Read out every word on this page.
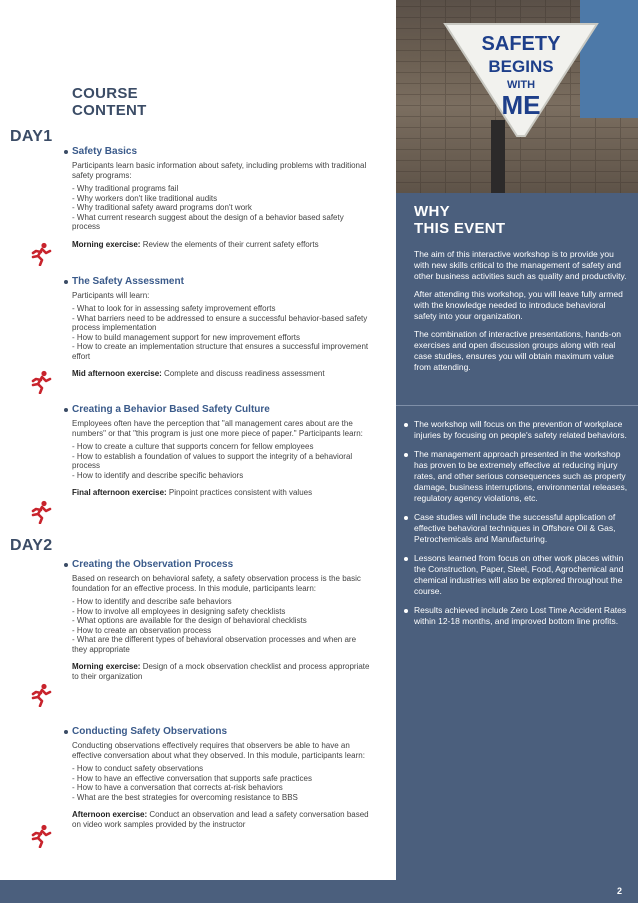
COURSE
CONTENT
DAY1
Safety Basics
Participants learn basic information about safety, including problems with traditional safety programs:
- Why traditional programs fail
- Why workers don't like traditional audits
- Why traditional safety award programs don't work
- What current research suggest about the design of a behavior based safety process
Morning exercise: Review the elements of their current safety efforts
The Safety Assessment
Participants will learn:
- What to look for in assessing safety improvement efforts
- What barriers need to be addressed to ensure a successful behavior-based safety process implementation
- How to build management support for new improvement efforts
- How to create an implementation structure that ensures a successful improvement effort
Mid afternoon exercise: Complete and discuss readiness assessment
Creating a Behavior Based Safety Culture
Employees often have the perception that "all management cares about are the numbers" or that "this program is just one more piece of paper." Participants learn:
- How to create a culture that supports concern for fellow employees
- How to establish a foundation of values to support the integrity of a behavioral process
- How to identify and describe specific behaviors
Final afternoon exercise: Pinpoint practices consistent with values
DAY2
Creating the Observation Process
Based on research on behavioral safety, a safety observation process is the basic foundation for an effective process. In this module, participants learn:
- How to identify and describe safe behaviors
- How to involve all employees in designing safety checklists
- What options are available for the design of behavioral checklists
- How to create an observation process
- What are the different types of behavioral observation processes and when are they appropriate
Morning exercise: Design of a mock observation checklist and process appropriate to their organization
Conducting Safety Observations
Conducting observations effectively requires that observers be able to have an effective conversation about what they observed. In this module, participants learn:
- How to conduct safety observations
- How to have an effective conversation that supports safe practices
- How to have a conversation that corrects at-risk behaviors
- What are the best strategies for overcoming resistance to BBS
Afternoon exercise: Conduct an observation and lead a safety conversation based on video work samples provided by the instructor
SAFETY
BEGINS
WITH
ME
WHY
THIS EVENT

The aim of this interactive workshop is to provide you with new skills critical to the management of safety and other business activities such as quality and productivity.

After attending this workshop, you will leave fully armed with the knowledge needed to introduce behavioral safety into your organization.

The combination of interactive presentations, hands-on exercises and open discussion groups along with real case studies, ensures you will obtain maximum value from attending.

The workshop will focus on the prevention of workplace injuries by focusing on people's safety related behaviors.
The management approach presented in the workshop has proven to be extremely effective at reducing injury rates, and other serious consequences such as property damage, business interruptions, environmental releases, regulatory agency violations, etc.
Case studies will include the successful application of effective behavioral techniques in Offshore Oil & Gas, Petrochemicals and Manufacturing.
Lessons learned from focus on other work places within the Construction, Paper, Steel, Food, Agrochemical and chemical industries will also be explored throughout the course.
Results achieved include Zero Lost Time Accident Rates within 12-18 months, and improved bottom line profits.
2
